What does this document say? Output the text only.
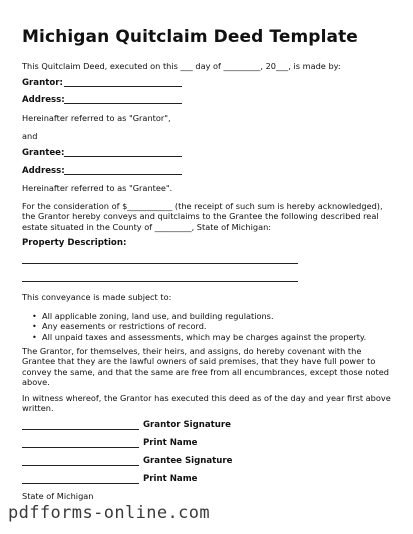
Michigan Quitclaim Deed Template
This Quitclaim Deed, executed on this ___ day of _________, 20___, is made by:
Grantor:
Address:
Hereinafter referred to as "Grantor",
and
Grantee:
Address:
Hereinafter referred to as "Grantee".
For the consideration of $___________ (the receipt of such sum is hereby acknowledged), the Grantor hereby conveys and quitclaims to the Grantee the following described real estate situated in the County of _________, State of Michigan:
Property Description:
This conveyance is made subject to:
• All applicable zoning, land use, and building regulations.
• Any easements or restrictions of record.
• All unpaid taxes and assessments, which may be charges against the property.
The Grantor, for themselves, their heirs, and assigns, do hereby covenant with the Grantee that they are the lawful owners of said premises, that they have full power to convey the same, and that the same are free from all encumbrances, except those noted above.
In witness whereof, the Grantor has executed this deed as of the day and year first above written.
Grantor Signature
Print Name
Grantee Signature
Print Name
State of Michigan
pdfforms-online.com
